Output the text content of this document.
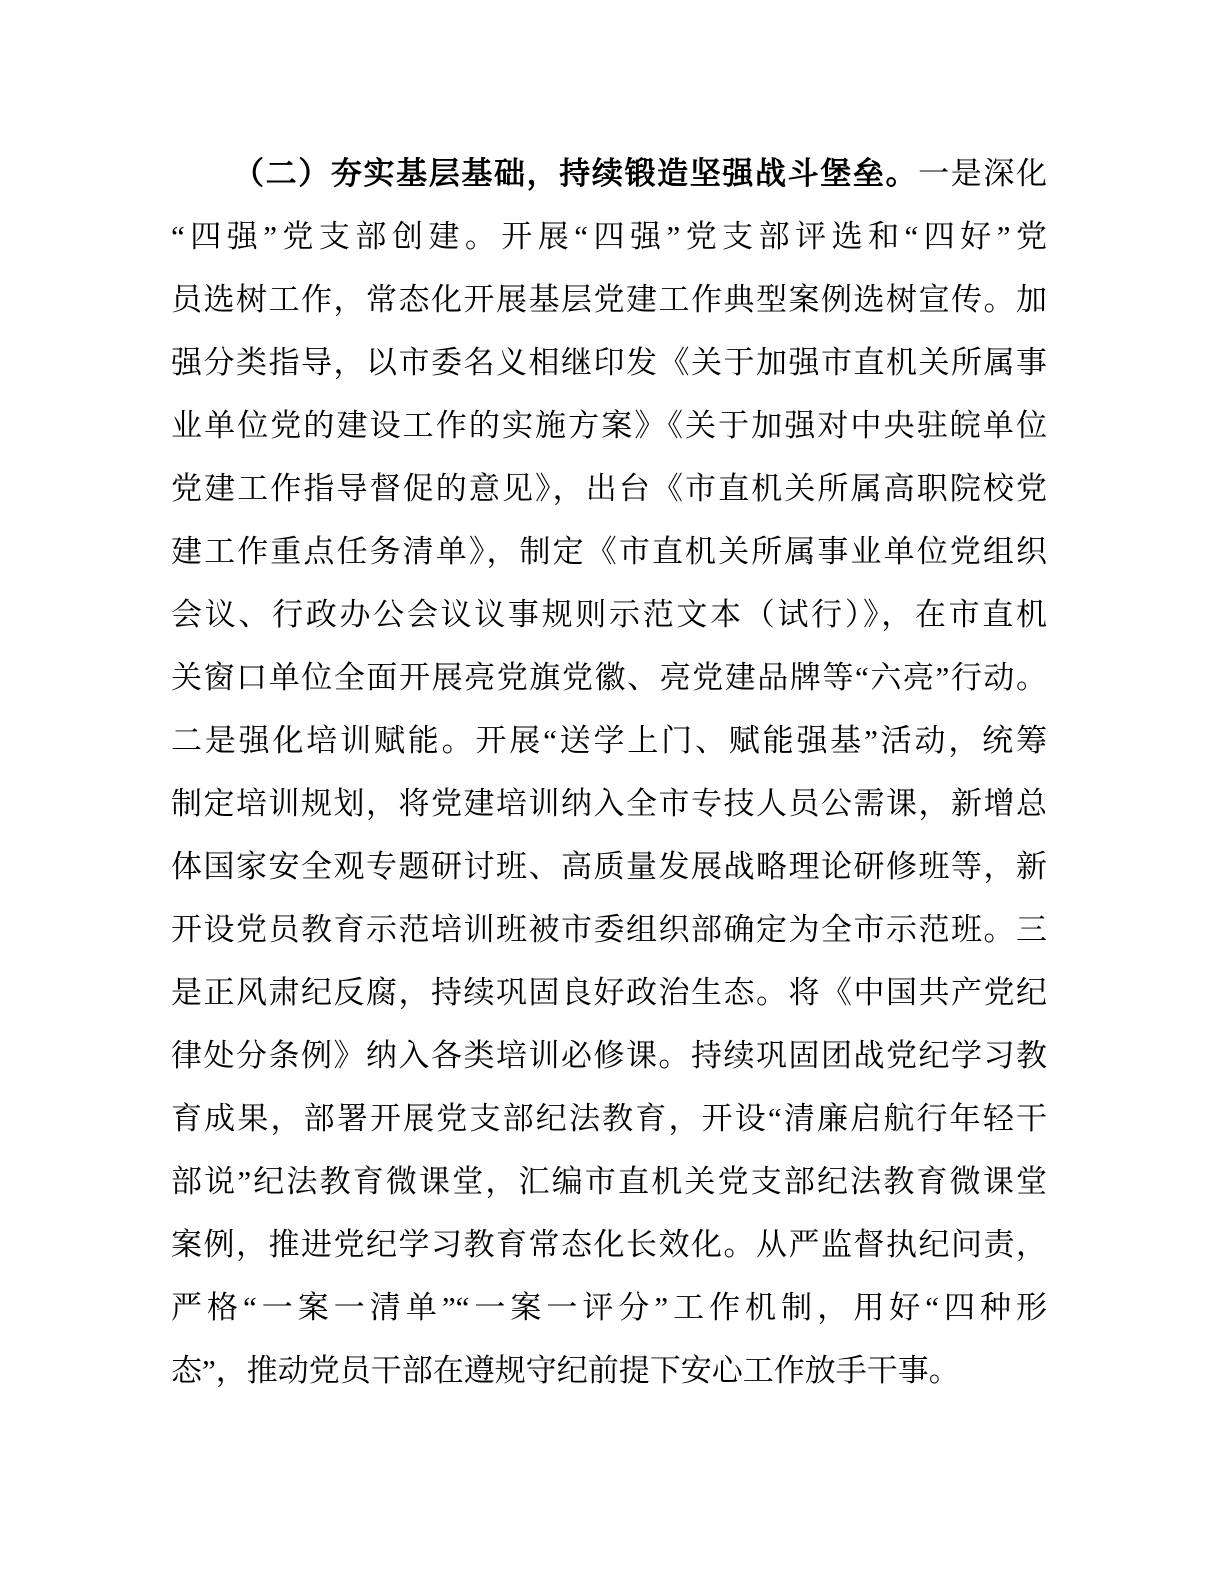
（二）夯实基层基础，持续锻造坚强战斗堡垒。一是深化
“四强”党支部创建。开展“四强”党支部评选和“四好”党
员选树工作，常态化开展基层党建工作典型案例选树宣传。加
强分类指导，以市委名义相继印发《关于加强市直机关所属事
业单位党的建设工作的实施方案》《关于加强对中央驻皖单位
党建工作指导督促的意见》，出台《市直机关所属高职院校党
建工作重点任务清单》，制定《市直机关所属事业单位党组织
会议、行政办公会议议事规则示范文本（试行）》，在市直机
关窗口单位全面开展亮党旗党徽、亮党建品牌等“六亮”行动。
二是强化培训赋能。开展“送学上门、赋能强基”活动，统筹
制定培训规划，将党建培训纳入全市专技人员公需课，新增总
体国家安全观专题研讨班、高质量发展战略理论研修班等，新
开设党员教育示范培训班被市委组织部确定为全市示范班。三
是正风肃纪反腐，持续巩固良好政治生态。将《中国共产党纪
律处分条例》纳入各类培训必修课。持续巩固团战党纪学习教
育成果，部署开展党支部纪法教育，开设“清廉启航行年轻干
部说”纪法教育微课堂，汇编市直机关党支部纪法教育微课堂
案例，推进党纪学习教育常态化长效化。从严监督执纪问责，
严格“一案一清单”“一案一评分”工作机制，用好“四种形
态”，推动党员干部在遵规守纪前提下安心工作放手干事。
